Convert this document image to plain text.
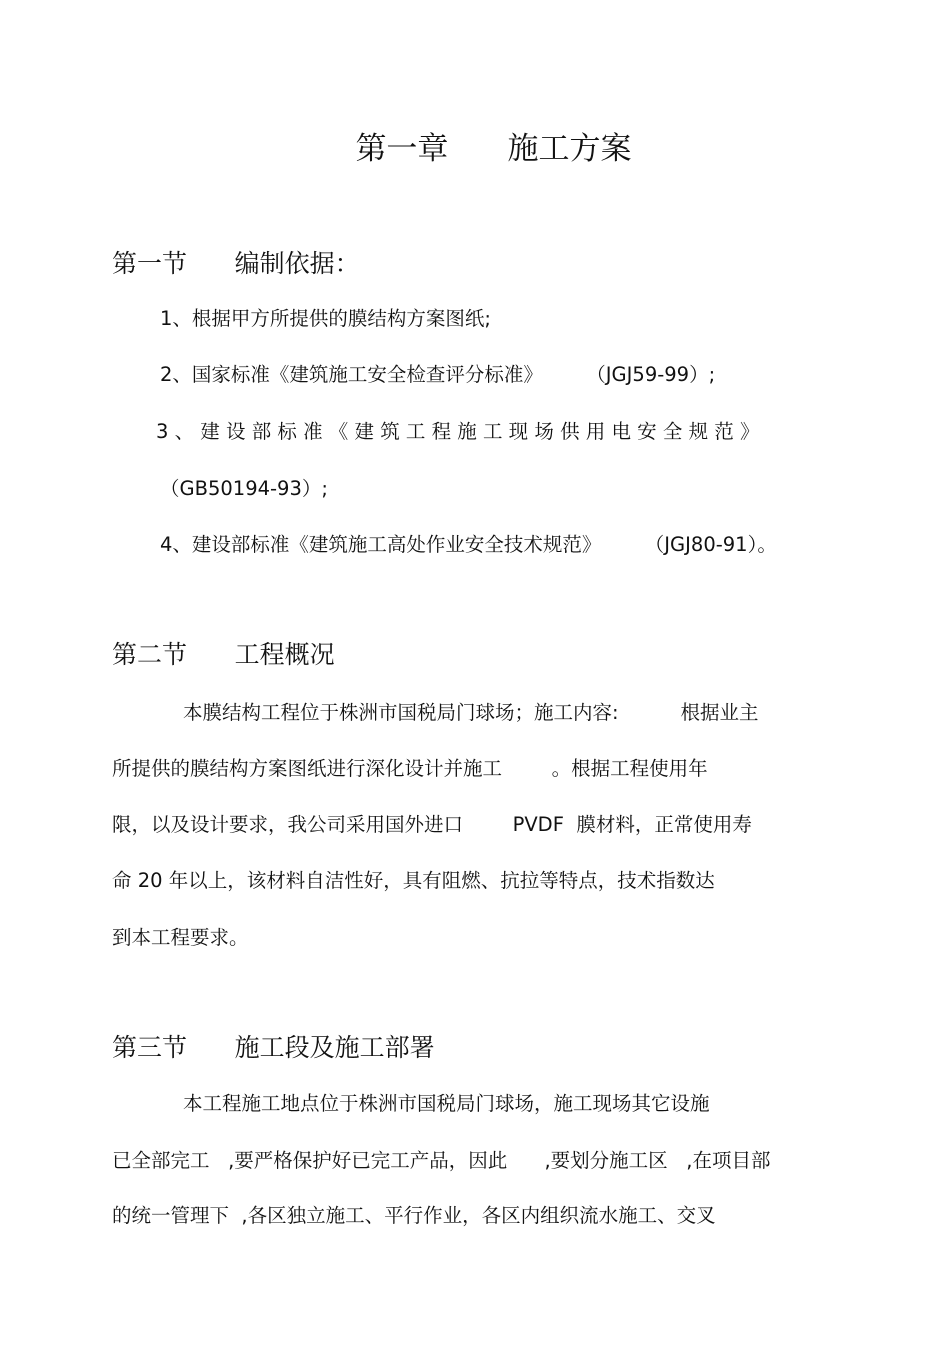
第一章      施工方案
第一节      编制依据：
1、根据甲方所提供的膜结构方案图纸;
2、国家标准《建筑施工安全检查评分标准》       （JGJ59-99）;
3 、 建 设 部 标 准 《 建 筑 工 程 施 工 现 场 供 用 电 安 全 规 范 》
（GB50194-93）;
4、建设部标准《建筑施工高处作业安全技术规范》       （JGJ80-91）。
第二节      工程概况
本膜结构工程位于株洲市国税局门球场；施工内容:          根据业主
所提供的膜结构方案图纸进行深化设计并施工        。根据工程使用年
限，以及设计要求，我公司采用国外进口        PVDF  膜材料，正常使用寿
命 20 年以上，该材料自洁性好，具有阻燃、抗拉等特点，技术指数达
到本工程要求。
第三节      施工段及施工部署
本工程施工地点位于株洲市国税局门球场，施工现场其它设施
已全部完工   ,要严格保护好已完工产品，因此      ,要划分施工区   ,在项目部
的统一管理下  ,各区独立施工、平行作业，各区内组织流水施工、交叉
